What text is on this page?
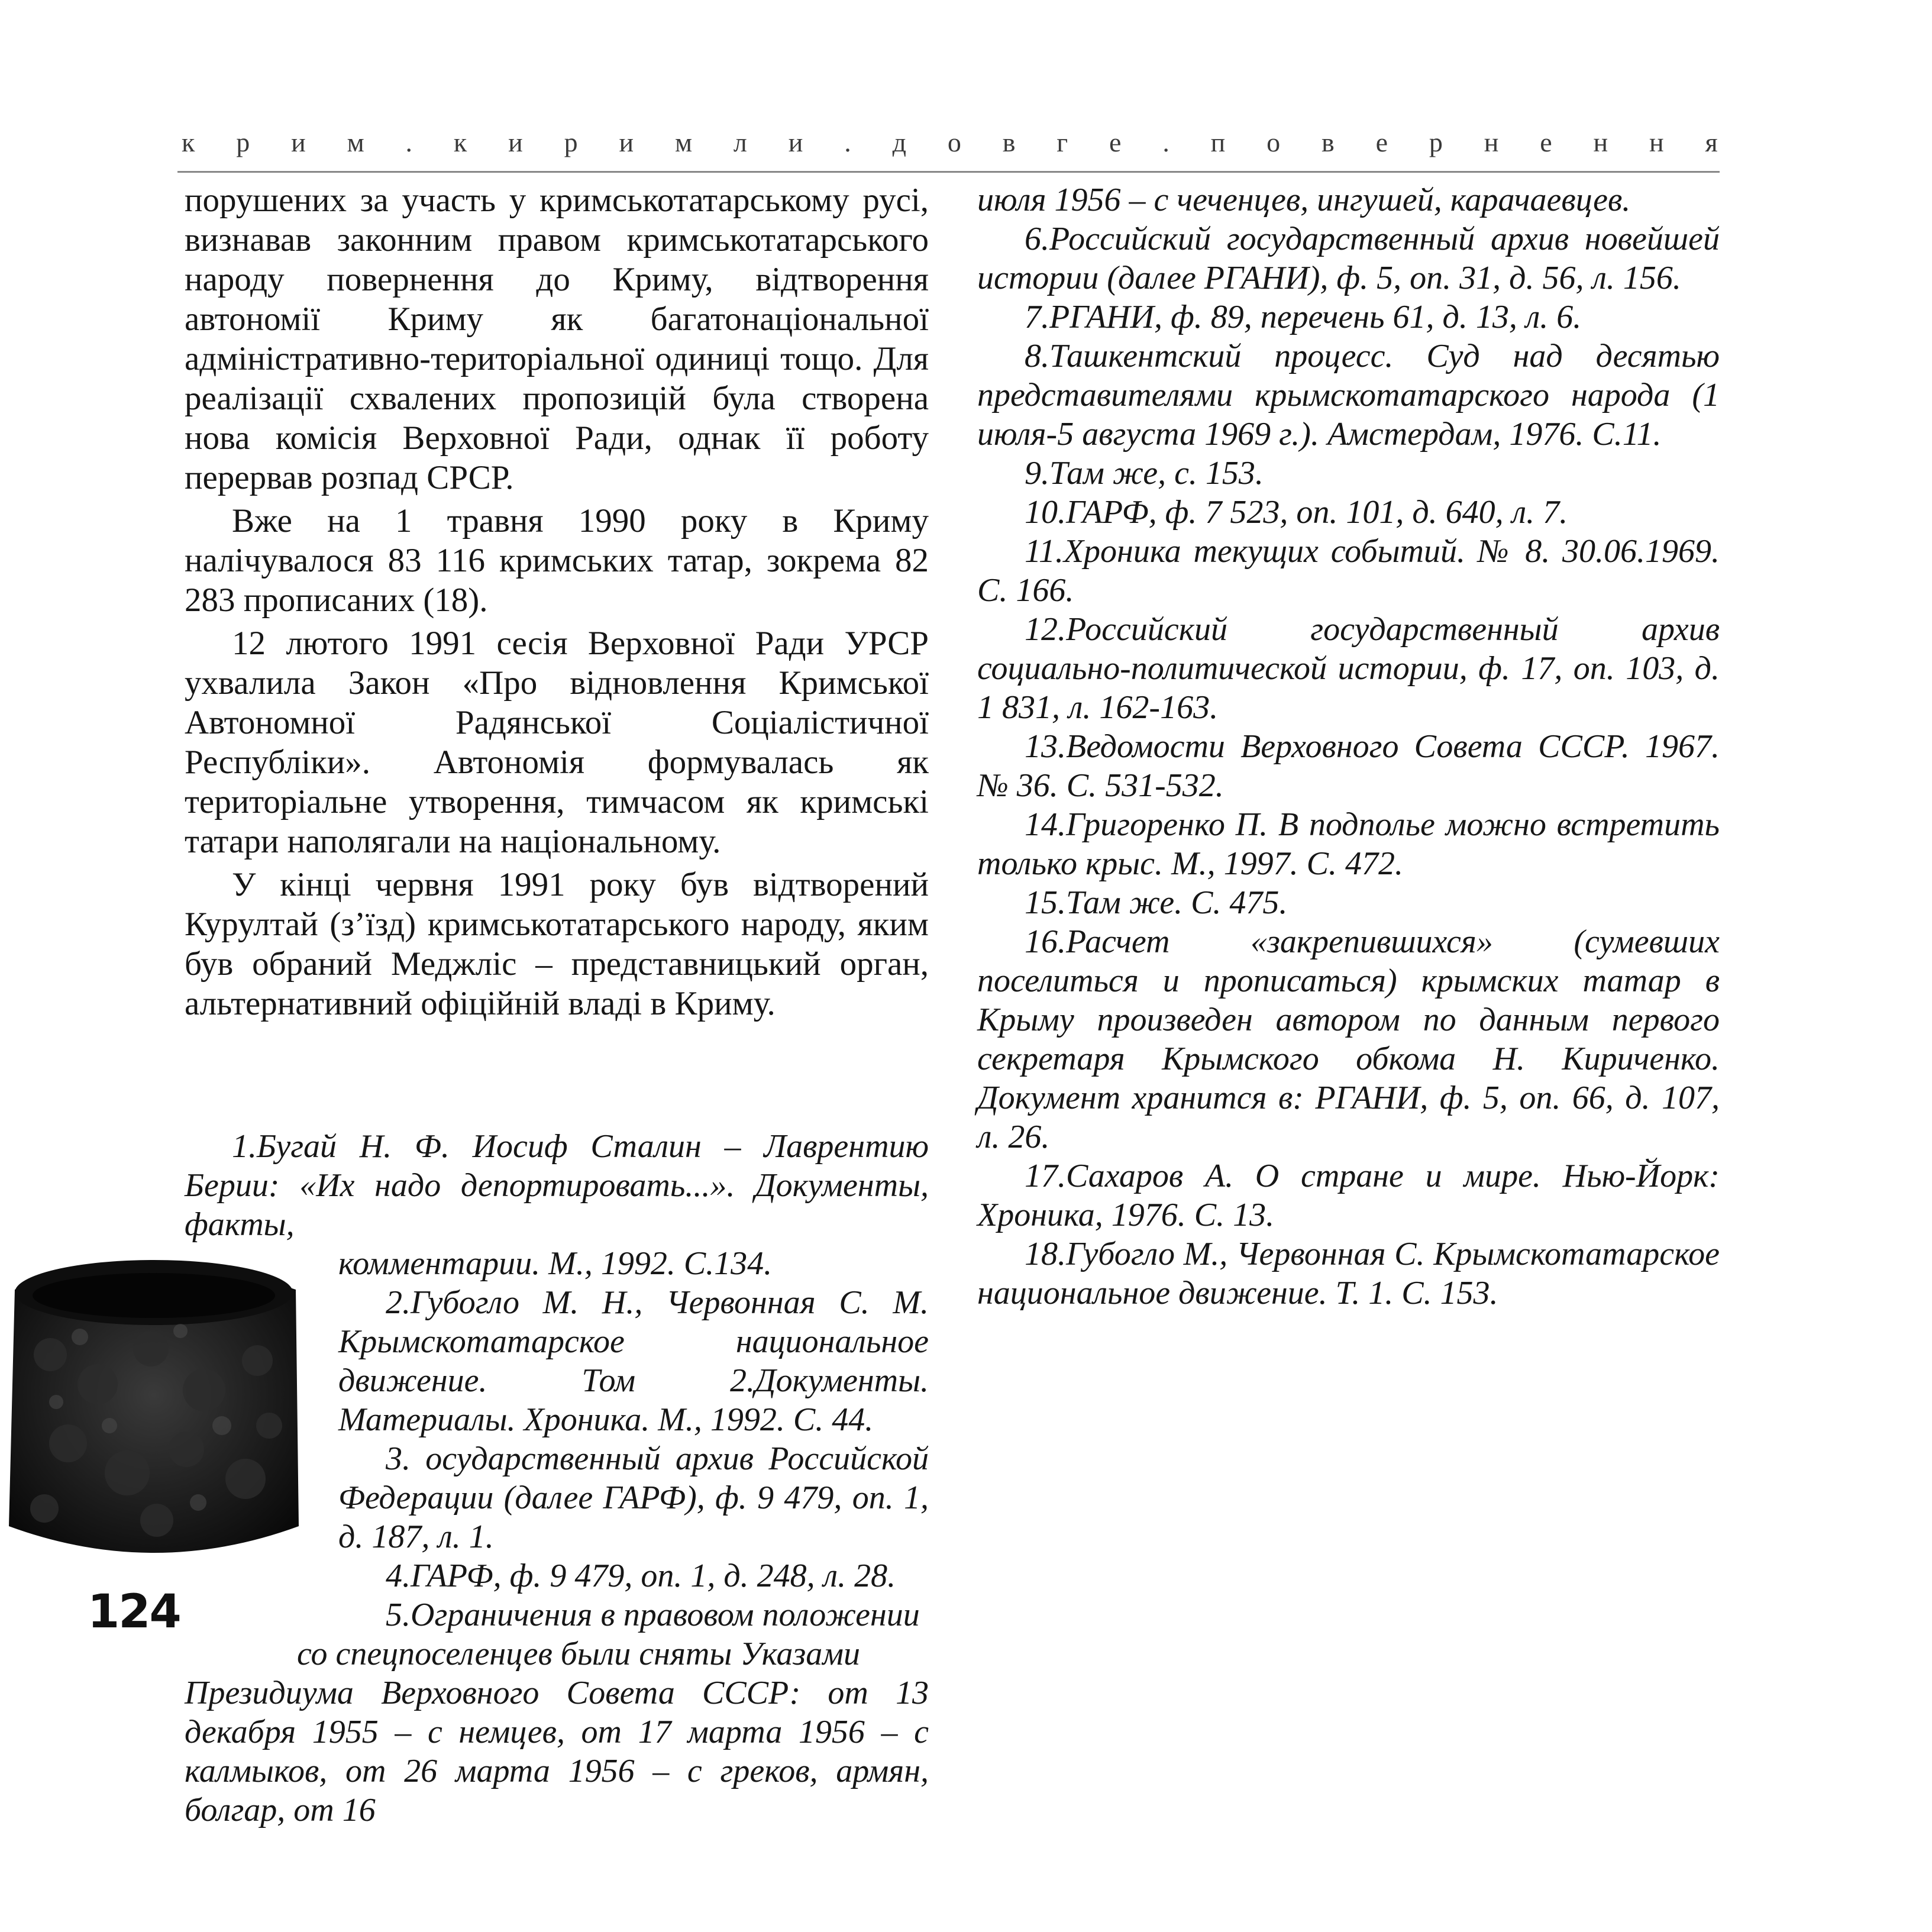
к р и м . к и р и м л и . д о в г е . п о в е р н е н н я

порушених за участь у кримськотатарському русі, визнавав законним правом кримськотатарського народу повернення до Криму, відтворення автономії Криму як багатонаціональної адміністративно-територіальної одиниці тощо. Для реалізації схвалених пропозицій була створена нова комісія Верховної Ради, однак її роботу перервав розпад СРСР.

Вже на 1 травня 1990 року в Криму налічувалося 83 116 кримських татар, зокрема 82 283 прописаних (18).

12 лютого 1991 сесія Верховної Ради УРСР ухвалила Закон «Про відновлення Кримської Автономної Радянської Соціалістичної Республіки». Автономія формувалась як територіальне утворення, тимчасом як кримські татари наполягали на національному.

У кінці червня 1991 року був відтворений Курултай (з’їзд) кримськотатарського народу, яким був обраний Меджліс – представницький орган, альтернативний офіційній владі в Криму.

1.Бугай Н. Ф. Иосиф Сталин – Лаврентию Берии: «Их надо депортировать...». Документы, факты,

комментарии. М., 1992. С.134.

2.Губогло М. Н., Червонная С. М. Крымскотатарское национальное движение. Том 2.Документы. Материалы. Хроника. М., 1992. С. 44.

3. осударственный архив Российской Федерации (далее ГАРФ), ф. 9 479, оп. 1, д. 187, л. 1.

4.ГАРФ, ф. 9 479, оп. 1, д. 248, л. 28.

5.Ограничения в правовом положении

со спецпоселенцев были сняты Указами

Президиума Верховного Совета СССР: от 13 декабря 1955 – с немцев, от 17 марта 1956 – с калмыков, от 26 марта 1956 – с греков, армян, болгар, от 16

июля 1956 – с чеченцев, ингушей, карачаевцев.

6.Российский государственный архив новейшей истории (далее РГАНИ), ф. 5, оп. 31, д. 56, л. 156.

7.РГАНИ, ф. 89, перечень 61, д. 13, л. 6.

8.Ташкентский процесс. Суд над десятью представителями крымскотатарского народа (1 июля-5 августа 1969 г.). Амстердам, 1976. С.11.

9.Там же, с. 153.

10.ГАРФ, ф. 7 523, оп. 101, д. 640, л. 7.

11.Хроника текущих событий. № 8. 30.06.1969. С. 166.

12.Российский государственный архив социально-политической истории, ф. 17, оп. 103, д. 1 831, л. 162-163.

13.Ведомости Верховного Совета СССР. 1967. № 36. С. 531-532.

14.Григоренко П. В подполье можно встретить только крыс. М., 1997. С. 472.

15.Там же. С. 475.

16.Расчет «закрепившихся» (сумевших поселиться и прописаться) крымских татар в Крыму произведен автором по данным первого секретаря Крымского обкома Н. Кириченко. Документ хранится в: РГАНИ, ф. 5, оп. 66, д. 107, л. 26.

17.Сахаров А. О стране и мире. Нью-Йорк: Хроника, 1976. С. 13.

18.Губогло М., Червонная С. Крымскотатарское национальное движение. Т. 1. С. 153.

124
